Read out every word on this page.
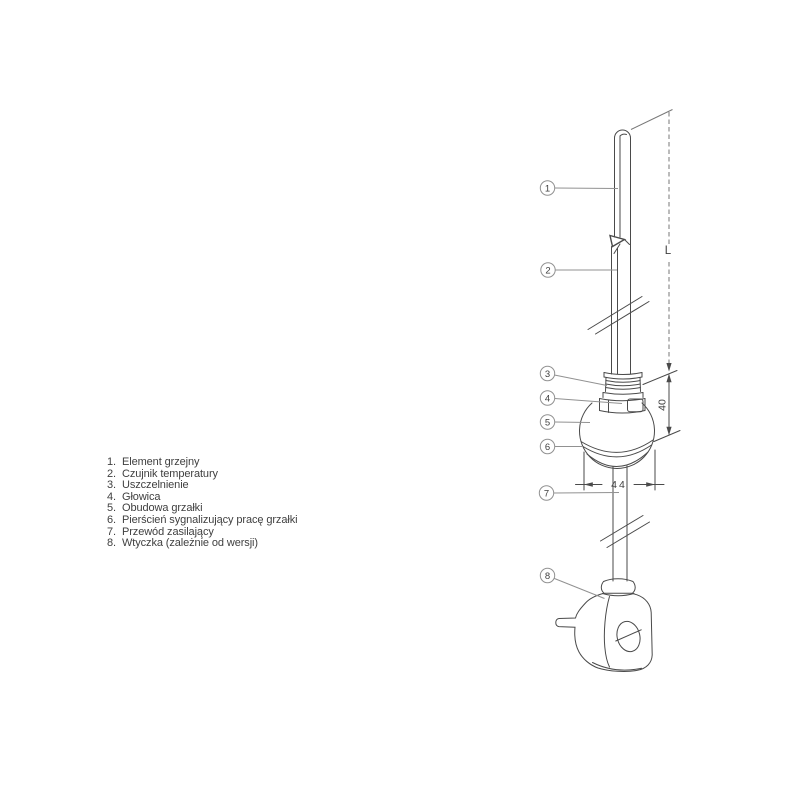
1. Element grzejny
2. Czujnik temperatury
3. Uszczelnienie
4. Głowica
5. Obudowa grzałki
6. Pierścień sygnalizujący pracę grzałki
7. Przewód zasilający
8. Wtyczka (zależnie od wersji)
L
40
44
1
2
3
4
5
6
7
8
